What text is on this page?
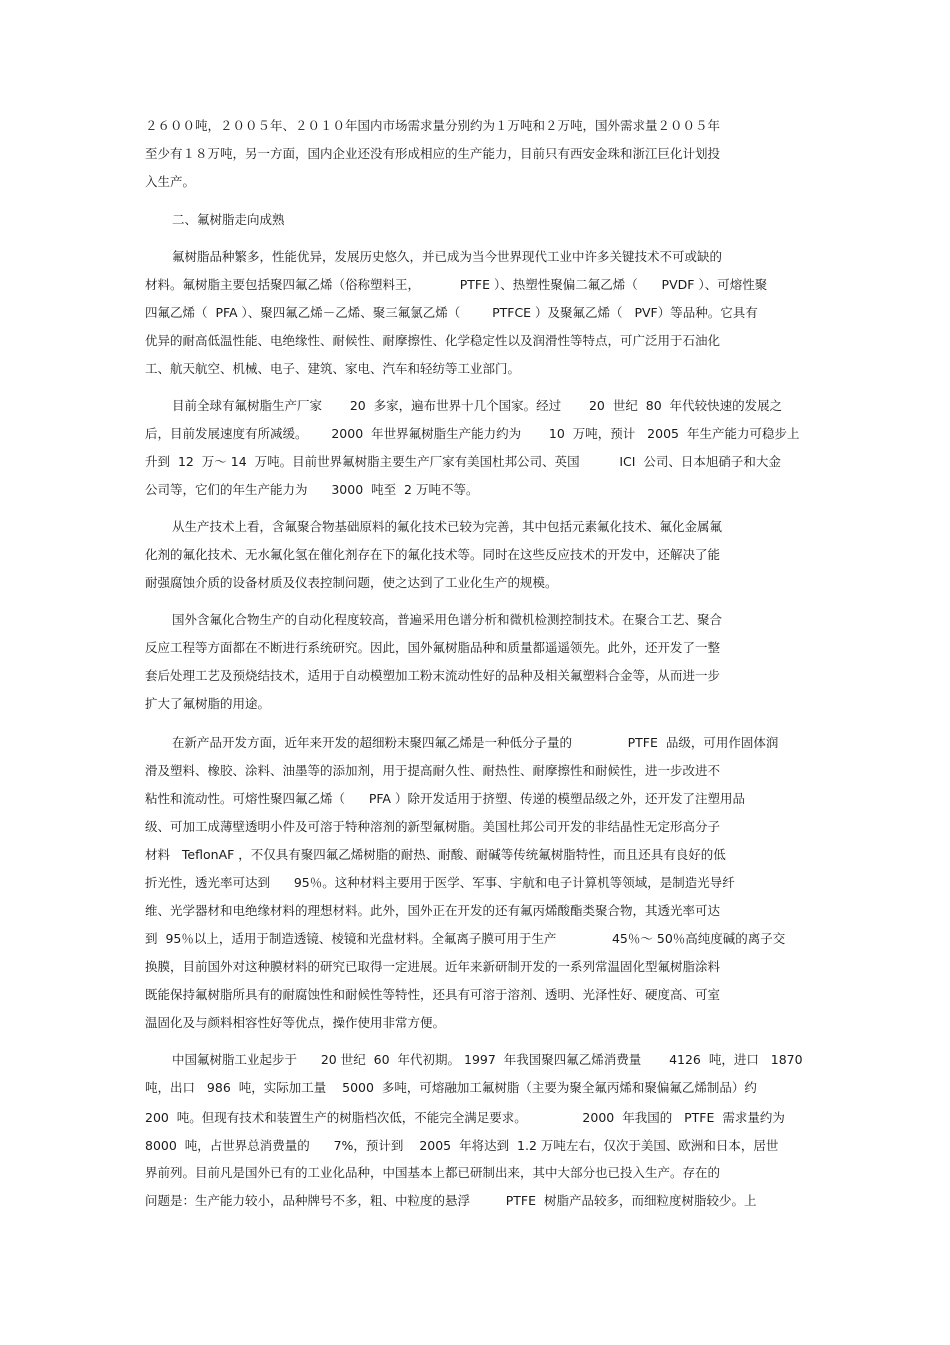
２６００吨，２００５年、２０１０年国内市场需求量分别约为１万吨和２万吨，国外需求量２００５年
至少有１８万吨，另一方面，国内企业还没有形成相应的生产能力，目前只有西安金珠和浙江巨化计划投
入生产。
二、氟树脂走向成熟
氟树脂品种繁多，性能优异，发展历史悠久，并已成为当今世界现代工业中许多关键技术不可或缺的
材料。氟树脂主要包括聚四氟乙烯（俗称塑料王，          PTFE ）、热塑性聚偏二氟乙烯（      PVDF ）、可熔性聚
四氟乙烯（  PFA ）、聚四氟乙烯－乙烯、聚三氟氯乙烯（        PTFCE ）及聚氟乙烯（   PVF）等品种。它具有
优异的耐高低温性能、电绝缘性、耐候性、耐摩擦性、化学稳定性以及润滑性等特点，可广泛用于石油化
工、航天航空、机械、电子、建筑、家电、汽车和轻纺等工业部门。
目前全球有氟树脂生产厂家       20  多家，遍布世界十几个国家。经过       20  世纪  80  年代较快速的发展之
后，目前发展速度有所减缓。      2000  年世界氟树脂生产能力约为       10  万吨，预计   2005  年生产能力可稳步上
升到  12  万～ 14  万吨。目前世界氟树脂主要生产厂家有美国杜邦公司、英国          ICI  公司、日本旭硝子和大金
公司等，它们的年生产能力为      3000  吨至  2 万吨不等。
从生产技术上看，含氟聚合物基础原料的氟化技术已较为完善，其中包括元素氟化技术、氟化金属氟
化剂的氟化技术、无水氟化氢在催化剂存在下的氟化技术等。同时在这些反应技术的开发中，还解决了能
耐强腐蚀介质的设备材质及仪表控制问题，使之达到了工业化生产的规模。
国外含氟化合物生产的自动化程度较高，普遍采用色谱分析和微机检测控制技术。在聚合工艺、聚合
反应工程等方面都在不断进行系统研究。因此，国外氟树脂品种和质量都遥遥领先。此外，还开发了一整
套后处理工艺及预烧结技术，适用于自动模塑加工粉末流动性好的品种及相关氟塑料合金等，从而进一步
扩大了氟树脂的用途。
在新产品开发方面，近年来开发的超细粉末聚四氟乙烯是一种低分子量的              PTFE  品级，可用作固体润
滑及塑料、橡胶、涂料、油墨等的添加剂，用于提高耐久性、耐热性、耐摩擦性和耐候性，进一步改进不
粘性和流动性。可熔性聚四氟乙烯（      PFA ）除开发适用于挤塑、传递的模塑品级之外，还开发了注塑用品
级、可加工成薄壁透明小件及可溶于特种溶剂的新型氟树脂。美国杜邦公司开发的非结晶性无定形高分子
材料   TeflonAF ，不仅具有聚四氟乙烯树脂的耐热、耐酸、耐碱等传统氟树脂特性，而且还具有良好的低
折光性，透光率可达到      95％。这种材料主要用于医学、军事、宇航和电子计算机等领域，是制造光导纤
维、光学器材和电绝缘材料的理想材料。此外，国外正在开发的还有氟丙烯酸酯类聚合物，其透光率可达
到  95％以上，适用于制造透镜、棱镜和光盘材料。全氟离子膜可用于生产              45％～ 50％高纯度碱的离子交
换膜，目前国外对这种膜材料的研究已取得一定进展。近年来新研制开发的一系列常温固化型氟树脂涂料
既能保持氟树脂所具有的耐腐蚀性和耐候性等特性，还具有可溶于溶剂、透明、光泽性好、硬度高、可室
温固化及与颜料相容性好等优点，操作使用非常方便。
中国氟树脂工业起步于      20 世纪  60  年代初期。 1997  年我国聚四氟乙烯消费量       4126  吨，进口   1870
吨，出口   986  吨，实际加工量    5000  多吨，可熔融加工氟树脂（主要为聚全氟丙烯和聚偏氟乙烯制品）约
200  吨。但现有技术和装置生产的树脂档次低，不能完全满足要求。              2000  年我国的   PTFE  需求量约为
8000  吨，占世界总消费量的      7%，预计到    2005  年将达到  1.2 万吨左右，仅次于美国、欧洲和日本，居世
界前列。目前凡是国外已有的工业化品种，中国基本上都已研制出来，其中大部分也已投入生产。存在的
问题是：生产能力较小，品种牌号不多，粗、中粒度的悬浮         PTFE  树脂产品较多，而细粒度树脂较少。上
